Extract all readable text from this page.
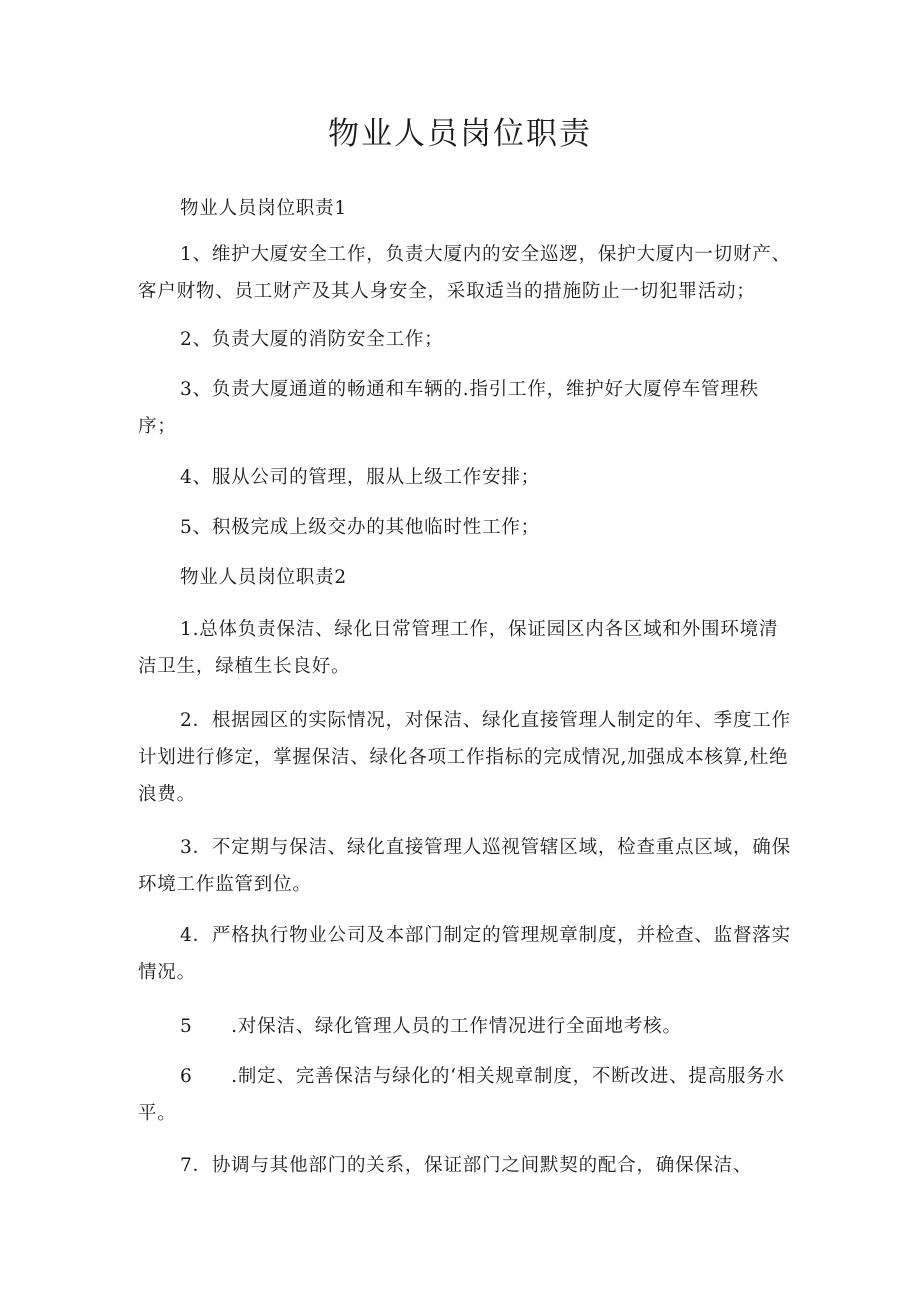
物业人员岗位职责

物业人员岗位职责1

1、维护大厦安全工作，负责大厦内的安全巡逻，保护大厦内一切财产、客户财物、员工财产及其人身安全，采取适当的措施防止一切犯罪活动；

2、负责大厦的消防安全工作；

3、负责大厦通道的畅通和车辆的.指引工作，维护好大厦停车管理秩序；

4、服从公司的管理，服从上级工作安排；

5、积极完成上级交办的其他临时性工作；

物业人员岗位职责2

1.总体负责保洁、绿化日常管理工作，保证园区内各区域和外围环境清洁卫生，绿植生长良好。

2．根据园区的实际情况，对保洁、绿化直接管理人制定的年、季度工作计划进行修定，掌握保洁、绿化各项工作指标的完成情况,加强成本核算,杜绝浪费。

3．不定期与保洁、绿化直接管理人巡视管辖区域，检查重点区域，确保环境工作监管到位。

4．严格执行物业公司及本部门制定的管理规章制度，并检查、监督落实情况。

5　　.对保洁、绿化管理人员的工作情况进行全面地考核。

6　　.制定、完善保洁与绿化的‘相关规章制度，不断改进、提高服务水平。

7．协调与其他部门的关系，保证部门之间默契的配合，确保保洁、
